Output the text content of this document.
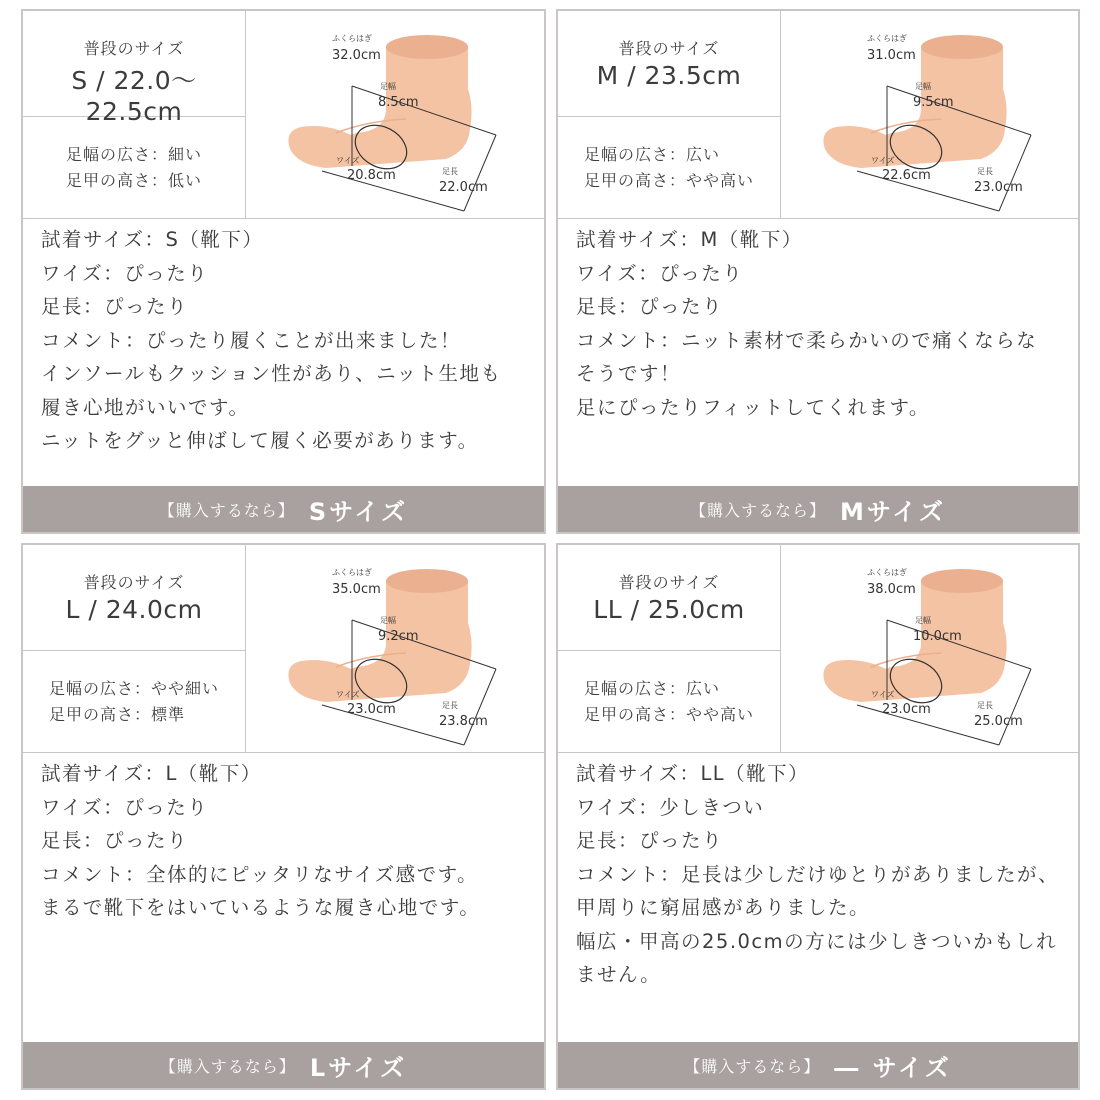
普段のサイズ
S / 22.0〜22.5cm
足幅の広さ：細い
足甲の高さ：低い
ふくらはぎ
32.0cm
足幅
8.5cm
ワイズ
20.8cm	足長
22.0cm
試着サイズ：S（靴下）
ワイズ：ぴったり
足長：ぴったり
コメント：ぴったり履くことが出来ました！
インソールもクッション性があり、ニット生地も
履き心地がいいです。
ニットをグッと伸ばして履く必要があります。
【購入するなら】 Sサイズ
普段のサイズ
M / 23.5cm
足幅の広さ：広い
足甲の高さ：やや高い
ふくらはぎ
31.0cm
足幅
9.5cm
ワイズ
22.6cm	足長
23.0cm
試着サイズ：M（靴下）
ワイズ：ぴったり
足長：ぴったり
コメント：ニット素材で柔らかいので痛くならな
そうです！
足にぴったりフィットしてくれます。
【購入するなら】 Mサイズ
普段のサイズ
L / 24.0cm
足幅の広さ：やや細い
足甲の高さ：標準
ふくらはぎ
35.0cm
足幅
9.2cm
ワイズ
23.0cm	足長
23.8cm
試着サイズ：L（靴下）
ワイズ：ぴったり
足長：ぴったり
コメント：全体的にピッタリなサイズ感です。
まるで靴下をはいているような履き心地です。
【購入するなら】 Lサイズ
普段のサイズ
LL / 25.0cm
足幅の広さ：広い
足甲の高さ：やや高い
ふくらはぎ
38.0cm
足幅
10.0cm
ワイズ
23.0cm	足長
25.0cm
試着サイズ：LL（靴下）
ワイズ：少しきつい
足長：ぴったり
コメント：足長は少しだけゆとりがありましたが、
甲周りに窮屈感がありました。
幅広・甲高の25.0cmの方には少しきついかもしれ
ません。
【購入するなら】 ― サイズ
